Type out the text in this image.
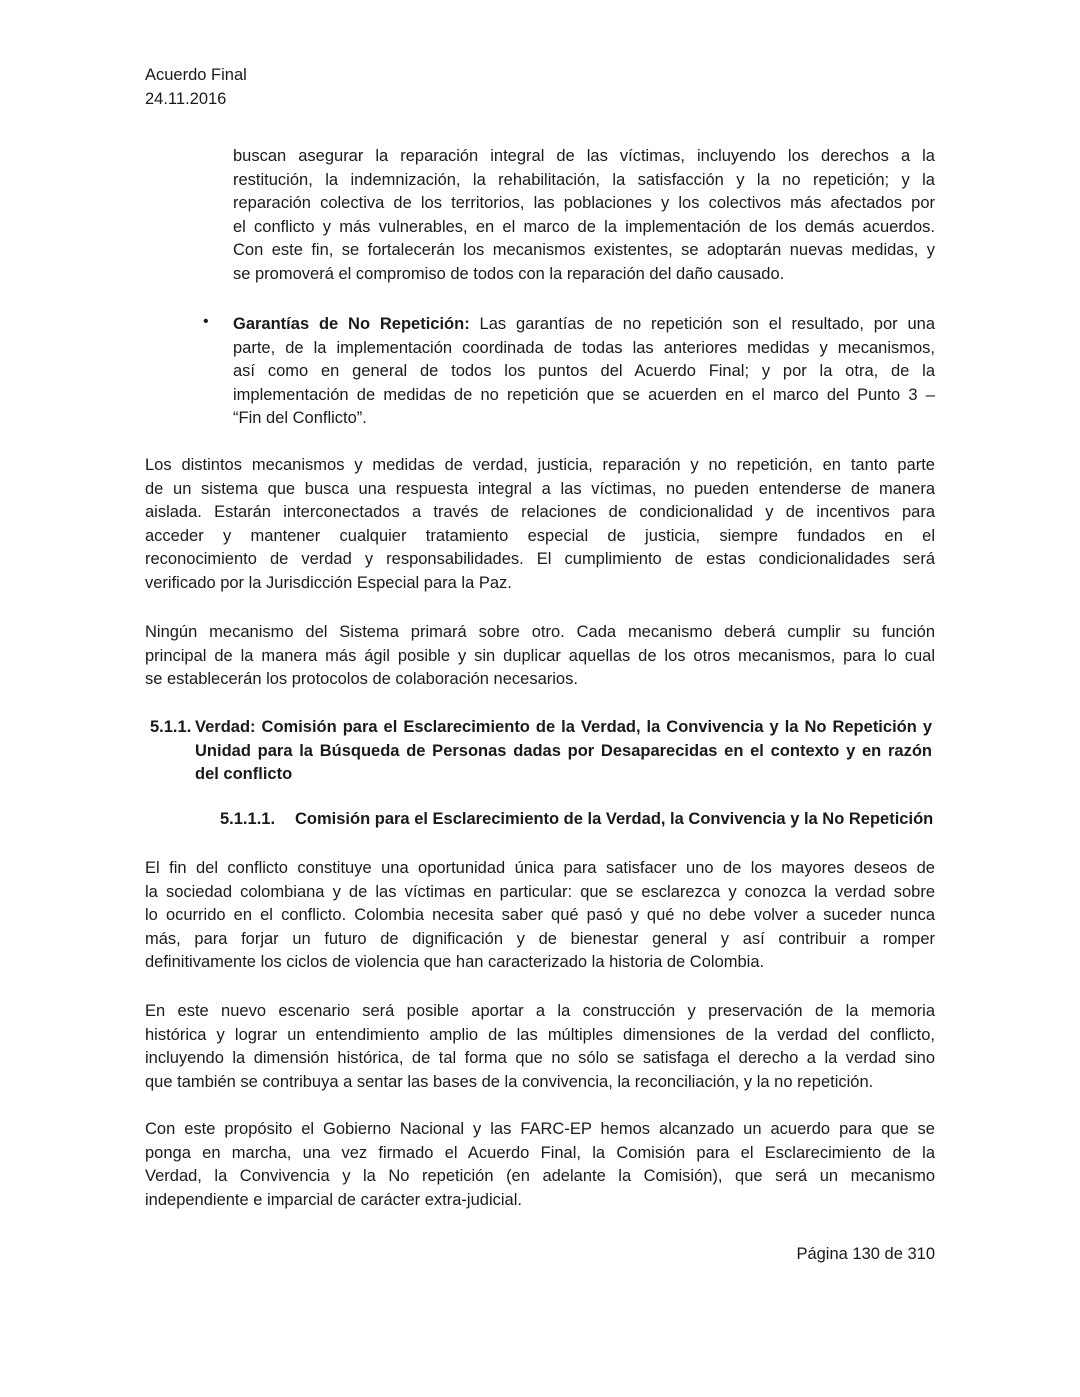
Acuerdo Final
24.11.2016
buscan asegurar la reparación integral de las víctimas, incluyendo los derechos a la
restitución, la indemnización, la rehabilitación, la satisfacción y la no repetición; y la
reparación colectiva de los territorios, las poblaciones y los colectivos más afectados por
el conflicto y más vulnerables, en el marco de la implementación de los demás acuerdos.
Con este fin, se fortalecerán los mecanismos existentes, se adoptarán nuevas medidas, y
se promoverá el compromiso de todos con la reparación del daño causado.
• Garantías de No Repetición: Las garantías de no repetición son el resultado, por una
parte, de la implementación coordinada de todas las anteriores medidas y mecanismos,
así como en general de todos los puntos del Acuerdo Final; y por la otra, de la
implementación de medidas de no repetición que se acuerden en el marco del Punto 3 –
“Fin del Conflicto”.
Los distintos mecanismos y medidas de verdad, justicia, reparación y no repetición, en tanto parte
de un sistema que busca una respuesta integral a las víctimas, no pueden entenderse de manera
aislada. Estarán interconectados a través de relaciones de condicionalidad y de incentivos para
acceder y mantener cualquier tratamiento especial de justicia, siempre fundados en el
reconocimiento de verdad y responsabilidades. El cumplimiento de estas condicionalidades será
verificado por la Jurisdicción Especial para la Paz.
Ningún mecanismo del Sistema primará sobre otro. Cada mecanismo deberá cumplir su función
principal de la manera más ágil posible y sin duplicar aquellas de los otros mecanismos, para lo cual
se establecerán los protocolos de colaboración necesarios.
5.1.1. Verdad: Comisión para el Esclarecimiento de la Verdad, la Convivencia y la No Repetición y
Unidad para la Búsqueda de Personas dadas por Desaparecidas en el contexto y en razón
del conflicto
5.1.1.1. Comisión para el Esclarecimiento de la Verdad, la Convivencia y la No Repetición
El fin del conflicto constituye una oportunidad única para satisfacer uno de los mayores deseos de
la sociedad colombiana y de las víctimas en particular: que se esclarezca y conozca la verdad sobre
lo ocurrido en el conflicto. Colombia necesita saber qué pasó y qué no debe volver a suceder nunca
más, para forjar un futuro de dignificación y de bienestar general y así contribuir a romper
definitivamente los ciclos de violencia que han caracterizado la historia de Colombia.
En este nuevo escenario será posible aportar a la construcción y preservación de la memoria
histórica y lograr un entendimiento amplio de las múltiples dimensiones de la verdad del conflicto,
incluyendo la dimensión histórica, de tal forma que no sólo se satisfaga el derecho a la verdad sino
que también se contribuya a sentar las bases de la convivencia, la reconciliación, y la no repetición.
Con este propósito el Gobierno Nacional y las FARC-EP hemos alcanzado un acuerdo para que se
ponga en marcha, una vez firmado el Acuerdo Final, la Comisión para el Esclarecimiento de la
Verdad, la Convivencia y la No repetición (en adelante la Comisión), que será un mecanismo
independiente e imparcial de carácter extra-judicial.
Página 130 de 310
